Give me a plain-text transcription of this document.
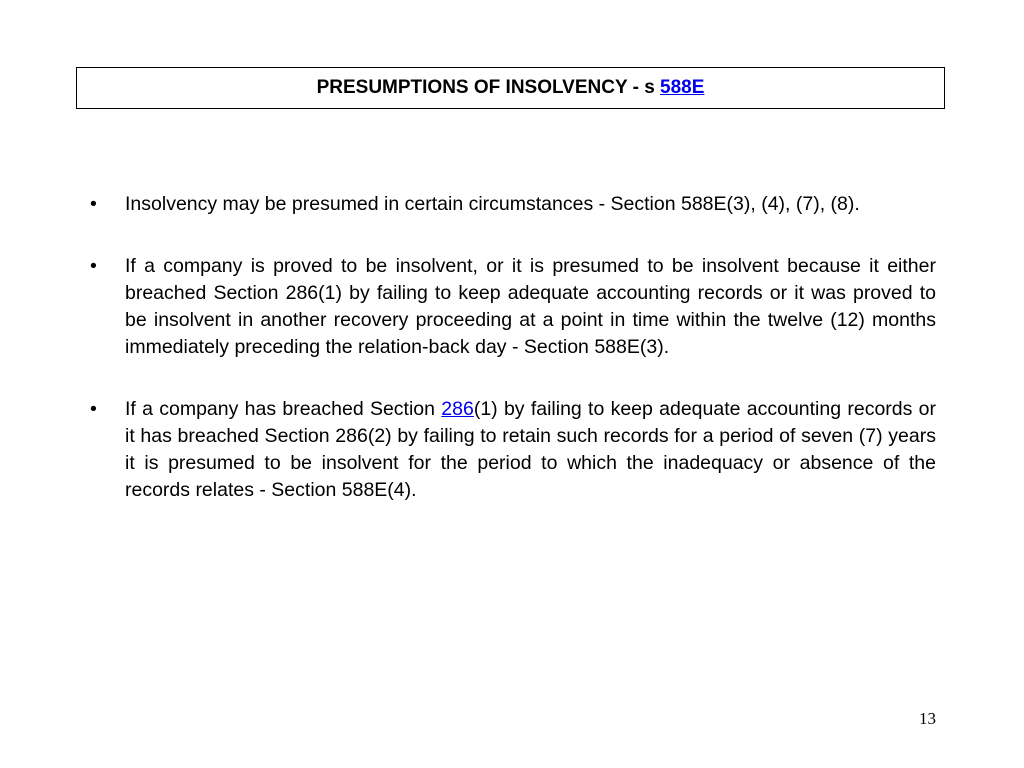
PRESUMPTIONS OF INSOLVENCY - s
588E
• Insolvency may be presumed in certain circumstances - Section 588E(3), (4), (7), (8).
• If a company is proved to be insolvent, or it is presumed to be insolvent because it either breached Section 286(1) by failing to keep adequate accounting records or it was proved to be insolvent in another recovery proceeding at a point in time within the twelve (12) months immediately preceding the relation-back day - Section 588E(3).
• If a company has breached Section 286(1) by failing to keep adequate accounting records or it has breached Section 286(2) by failing to retain such records for a period of seven (7) years it is presumed to be insolvent for the period to which the inadequacy or absence of the records relates - Section 588E(4).
13
